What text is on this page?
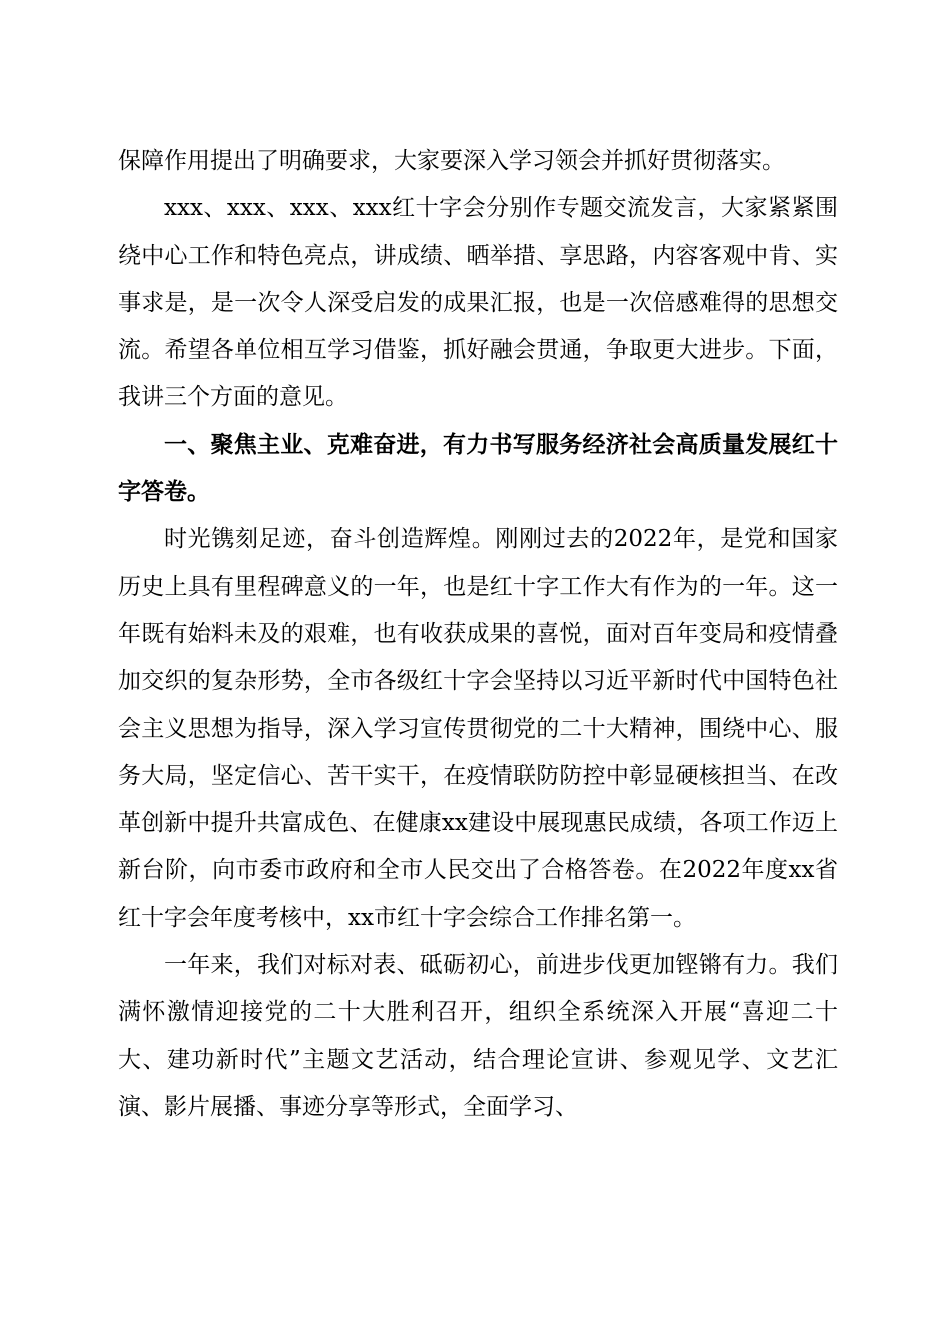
保障作用提出了明确要求，大家要深入学习领会并抓好贯彻落实。

xxx、xxx、xxx、xxx红十字会分别作专题交流发言，大家紧紧围绕中心工作和特色亮点，讲成绩、晒举措、享思路，内容客观中肯、实事求是，是一次令人深受启发的成果汇报，也是一次倍感难得的思想交流。希望各单位相互学习借鉴，抓好融会贯通，争取更大进步。下面，我讲三个方面的意见。

一、聚焦主业、克难奋进，有力书写服务经济社会高质量发展红十字答卷。

时光镌刻足迹，奋斗创造辉煌。刚刚过去的2022年，是党和国家历史上具有里程碑意义的一年，也是红十字工作大有作为的一年。这一年既有始料未及的艰难，也有收获成果的喜悦，面对百年变局和疫情叠加交织的复杂形势，全市各级红十字会坚持以习近平新时代中国特色社会主义思想为指导，深入学习宣传贯彻党的二十大精神，围绕中心、服务大局，坚定信心、苦干实干，在疫情联防防控中彰显硬核担当、在改革创新中提升共富成色、在健康xx建设中展现惠民成绩，各项工作迈上新台阶，向市委市政府和全市人民交出了合格答卷。在2022年度xx省红十字会年度考核中，xx市红十字会综合工作排名第一。

一年来，我们对标对表、砥砺初心，前进步伐更加铿锵有力。我们满怀激情迎接党的二十大胜利召开，组织全系统深入开展“喜迎二十大、建功新时代”主题文艺活动，结合理论宣讲、参观见学、文艺汇演、影片展播、事迹分享等形式，全面学习、
